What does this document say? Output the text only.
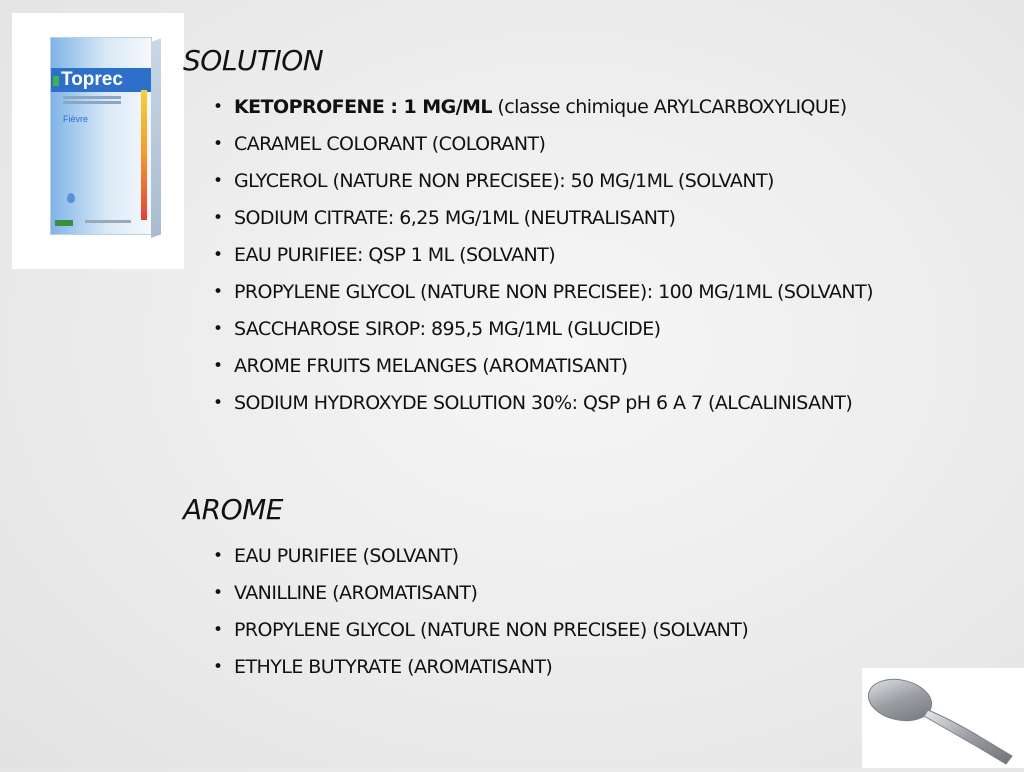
Toprec
Fièvre
SOLUTION
• KETOPROFENE : 1 MG/ML (classe chimique ARYLCARBOXYLIQUE)
• CARAMEL COLORANT (COLORANT)
• GLYCEROL (NATURE NON PRECISEE): 50 MG/1ML (SOLVANT)
• SODIUM CITRATE: 6,25 MG/1ML (NEUTRALISANT)
• EAU PURIFIEE: QSP 1 ML (SOLVANT)
• PROPYLENE GLYCOL (NATURE NON PRECISEE): 100 MG/1ML (SOLVANT)
• SACCHAROSE SIROP: 895,5 MG/1ML (GLUCIDE)
• AROME FRUITS MELANGES (AROMATISANT)
• SODIUM HYDROXYDE SOLUTION 30%: QSP pH 6 A 7 (ALCALINISANT)
AROME
• EAU PURIFIEE (SOLVANT)
• VANILLINE (AROMATISANT)
• PROPYLENE GLYCOL (NATURE NON PRECISEE) (SOLVANT)
• ETHYLE BUTYRATE (AROMATISANT)
